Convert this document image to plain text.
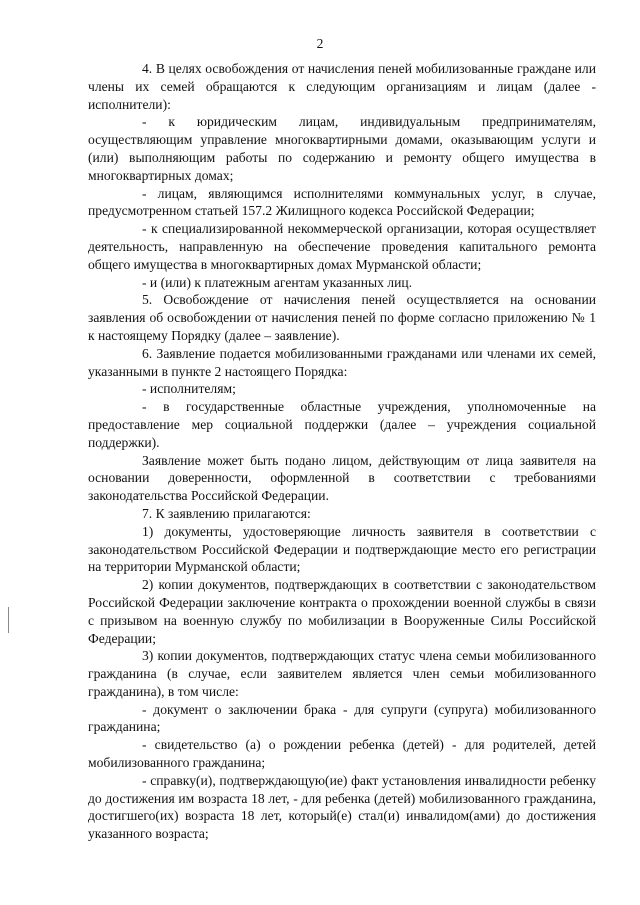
2

4. В целях освобождения от начисления пеней мобилизованные граждане или члены их семей обращаются к следующим организациям и лицам (далее - исполнители):

- к юридическим лицам, индивидуальным предпринимателям, осуществляющим управление многоквартирными домами, оказывающим услуги и (или) выполняющим работы по содержанию и ремонту общего имущества в многоквартирных домах;

- лицам, являющимся исполнителями коммунальных услуг, в случае, предусмотренном статьей 157.2 Жилищного кодекса Российской Федерации;

- к специализированной некоммерческой организации, которая осуществляет деятельность, направленную на обеспечение проведения капитального ремонта общего имущества в многоквартирных домах Мурманской области;

- и (или) к платежным агентам указанных лиц.

5. Освобождение от начисления пеней осуществляется на основании заявления об освобождении от начисления пеней по форме согласно приложению № 1 к настоящему Порядку (далее – заявление).

6. Заявление подается мобилизованными гражданами или членами их семей, указанными в пункте 2 настоящего Порядка:

- исполнителям;

- в государственные областные учреждения, уполномоченные на предоставление мер социальной поддержки (далее – учреждения социальной поддержки).

Заявление может быть подано лицом, действующим от лица заявителя на основании доверенности, оформленной в соответствии с требованиями законодательства Российской Федерации.

7. К заявлению прилагаются:

1) документы, удостоверяющие личность заявителя в соответствии с законодательством Российской Федерации и подтверждающие место его регистрации на территории Мурманской области;

2) копии документов, подтверждающих в соответствии с законодательством Российской Федерации заключение контракта о прохождении военной службы в связи с призывом на военную службу по мобилизации в Вооруженные Силы Российской Федерации;

3) копии документов, подтверждающих статус члена семьи мобилизованного гражданина (в случае, если заявителем является член семьи мобилизованного гражданина), в том числе:

- документ о заключении брака - для супруги (супруга) мобилизованного гражданина;

- свидетельство (а) о рождении ребенка (детей) - для родителей, детей мобилизованного гражданина;

- справку(и), подтверждающую(ие) факт установления инвалидности ребенку до достижения им возраста 18 лет, - для ребенка (детей) мобилизованного гражданина, достигшего(их) возраста 18 лет, который(е) стал(и) инвалидом(ами) до достижения указанного возраста;
